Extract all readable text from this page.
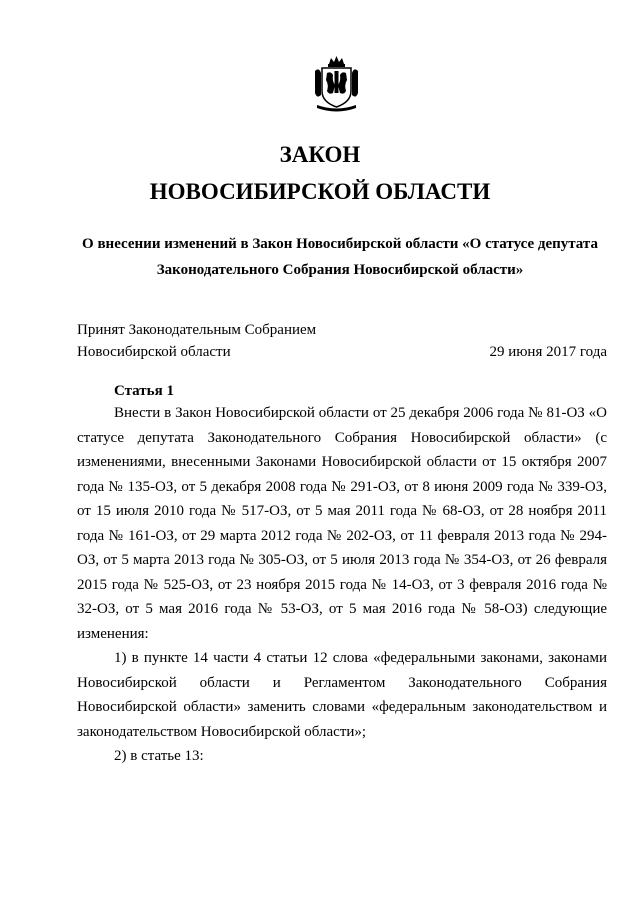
ЗАКОН
НОВОСИБИРСКОЙ ОБЛАСТИ
О внесении изменений в Закон Новосибирской области «О статусе депутата
Законодательного Собрания Новосибирской области»
Принят Законодательным Собранием
Новосибирской области	29 июня 2017 года
Статья 1

Внести в Закон Новосибирской области от 25 декабря 2006 года № 81-ОЗ «О статусе депутата Законодательного Собрания Новосибирской области» (с изменениями, внесенными Законами Новосибирской области от 15 октября 2007 года № 135-ОЗ, от 5 декабря 2008 года № 291-ОЗ, от 8 июня 2009 года № 339-ОЗ, от 15 июля 2010 года № 517-ОЗ, от 5 мая 2011 года № 68-ОЗ, от 28 ноября 2011 года № 161-ОЗ, от 29 марта 2012 года № 202-ОЗ, от 11 февраля 2013 года № 294-ОЗ, от 5 марта 2013 года № 305-ОЗ, от 5 июля 2013 года № 354-ОЗ, от 26 февраля 2015 года № 525-ОЗ, от 23 ноября 2015 года № 14-ОЗ, от 3 февраля 2016 года № 32-ОЗ, от 5 мая 2016 года № 53-ОЗ, от 5 мая 2016 года № 58-ОЗ) следующие изменения:

1) в пункте 14 части 4 статьи 12 слова «федеральными законами, законами Новосибирской области и Регламентом Законодательного Собрания Новосибирской области» заменить словами «федеральным законодательством и законодательством Новосибирской области»;

2) в статье 13:
